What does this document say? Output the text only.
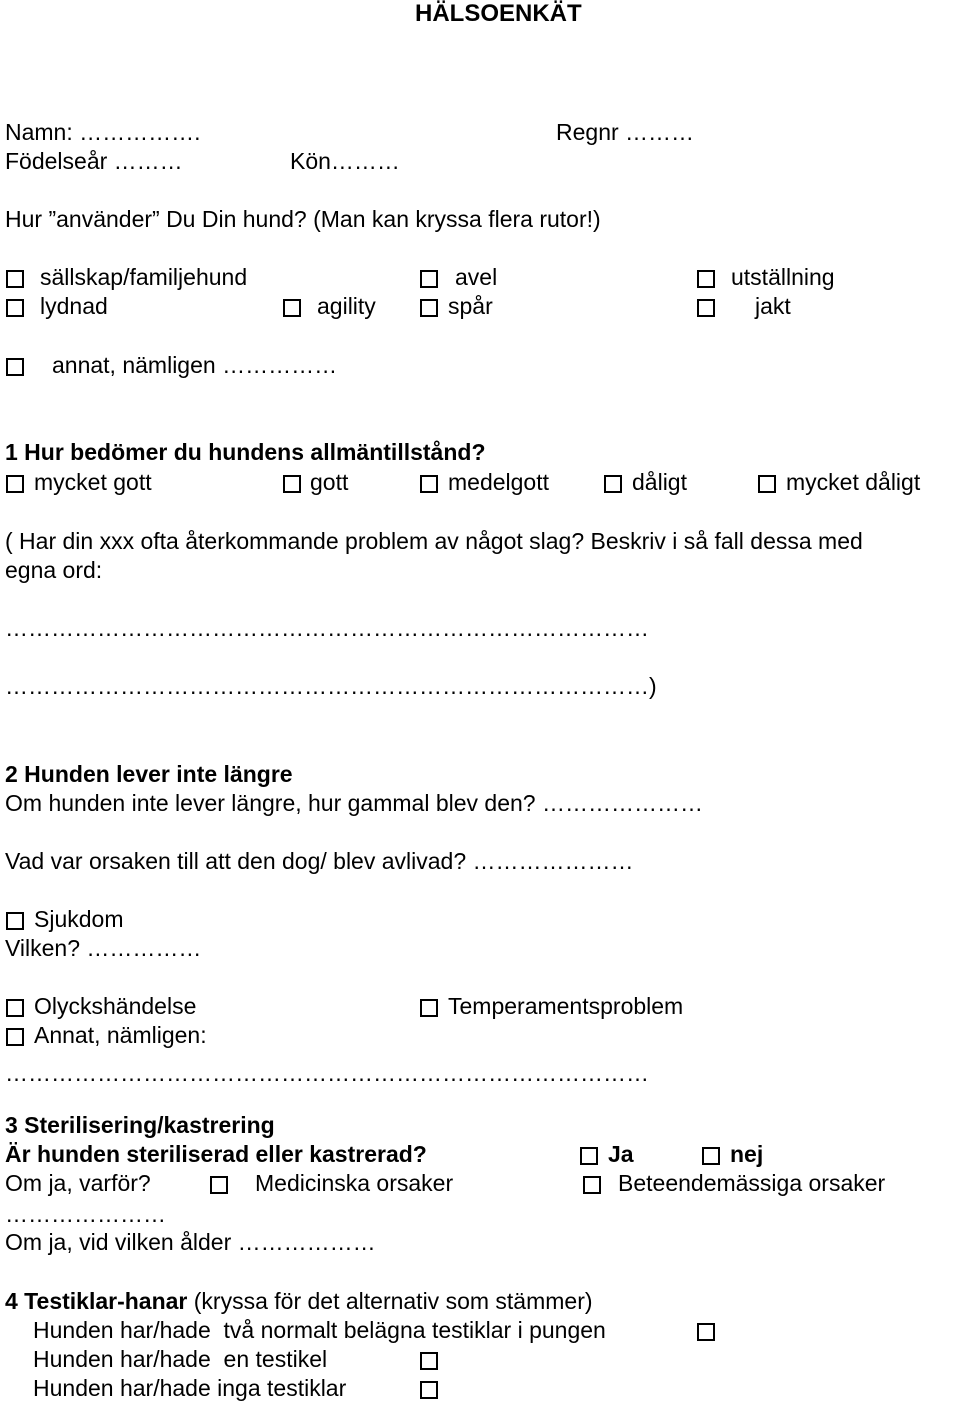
HÄLSOENKÄT
Namn: …………….	Regnr ………
Födelseår ………	Kön………
Hur ”använder” Du Din hund? (Man kan kryssa flera rutor!)
sällskap/familjehund	avel	utställning
lydnad	agility	spår	jakt
annat, nämligen ……………
1 Hur bedömer du hundens allmäntillstånd?
mycket gott	gott	medelgott	dåligt	mycket dåligt
( Har din xxx ofta återkommande problem av något slag? Beskriv i så fall dessa med
egna ord:
…………………………………………………………………………
…………………………………………………………………………)
2 Hunden lever inte längre
Om hunden inte lever längre, hur gammal blev den? …………………
Vad var orsaken till att den dog/ blev avlivad? …………………
Sjukdom
Vilken? ……………
Olyckshändelse	Temperamentsproblem
Annat, nämligen:
…………………………………………………………………………
3 Sterilisering/kastrering
Är hunden steriliserad eller kastrerad?	Ja	nej
Om ja, varför?	Medicinska orsaker	Beteendemässiga orsaker
…………………
Om ja, vid vilken ålder ………………
4 Testiklar-hanar (kryssa för det alternativ som stämmer)
Hunden har/hade  två normalt belägna testiklar i pungen
Hunden har/hade  en testikel
Hunden har/hade inga testiklar
